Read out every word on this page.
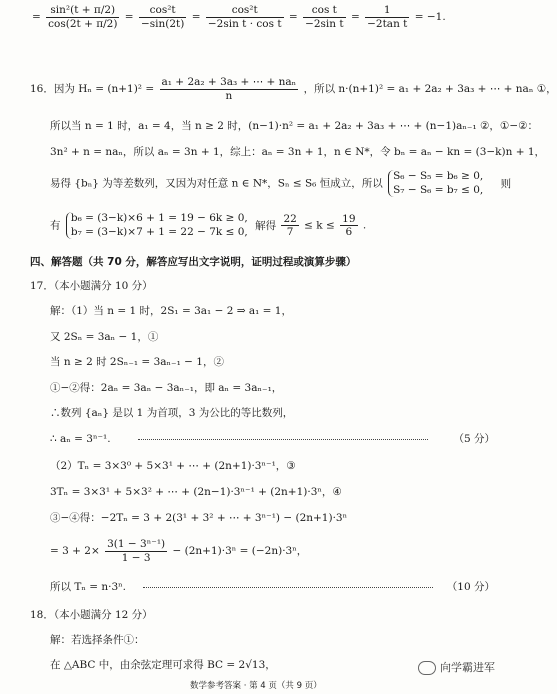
= $\frac{\text{sin²(t + π/2)}}{\cos(2t + \pi/2)} = \frac{\text{cos²t}}{-\sin(2t)} = \frac{\text{cos²t}}{\text{−2sin t · cos t}} = \frac{\text{cos t}}{\text{−2sin t}} = \frac{1}{\text{−2tan t}} = -1$.
16．因为 $H_n = (n+1)^2 = \frac{\text{a₁ + 2a₂ + 3a₃ + ⋯ + naₙ}}{n}$ ，所以 n·(n+1)² = a₁ + 2a₂ + 3a₃ + ⋯ + naₙ ①，
所以当 n = 1 时，a₁ = 4，当 n ≥ 2 时，(n−1)·n² = a₁ + 2a₂ + 3a₃ + ⋯ + (n−1)aₙ₋₁ ②，①−②：
3n² + n = naₙ，所以 aₙ = 3n + 1，综上：aₙ = 3n + 1，n ∈ N*，令 bₙ = aₙ − kn = (3−k)n + 1，
易得 {bₙ} 为等差数列，又因为对任意 n ∈ N*，Sₙ ≤ S₆ 恒成立，所以
S₆ − S₅ = b₆ ≥ 0,
S₇ − S₆ = b₇ ≤ 0, 则
有
b₆ = (3−k)×6 + 1 = 19 − 6k ≥ 0,
b₇ = (3−k)×7 + 1 = 22 − 7k ≤ 0, 解得 $\frac{22}{7} \le k \le \frac{19}{6}$ .
四、解答题（共 70 分，解答应写出文字说明，证明过程或演算步骤）
17．（本小题满分 10 分）
解：（1）当 n = 1 时，2S₁ = 3a₁ − 2 ⇒ a₁ = 1，
又 2Sₙ = 3aₙ − 1，①
当 n ≥ 2 时 2Sₙ₋₁ = 3aₙ₋₁ − 1，②
①−②得：2aₙ = 3aₙ − 3aₙ₋₁，即 aₙ = 3aₙ₋₁，
∴数列 {aₙ} 是以 1 为首项，3 为公比的等比数列，
∴ aₙ = 3ⁿ⁻¹.	（5 分）
（2）Tₙ = 3×3⁰ + 5×3¹ + ⋯ + (2n+1)·3ⁿ⁻¹，③
3Tₙ = 3×3¹ + 5×3² + ⋯ + (2n−1)·3ⁿ⁻¹ + (2n+1)·3ⁿ，④
③−④得：−2Tₙ = 3 + 2(3¹ + 3² + ⋯ + 3ⁿ⁻¹) − (2n+1)·3ⁿ
= $3 + 2\times \frac{\text{3(1 − 3ⁿ⁻¹)}}{1 - 3} - (2n+1)\cdot 3^n = (-2n)\cdot 3^n$，
所以 Tₙ = n·3ⁿ.	（10 分）
18．（本小题满分 12 分）
解：若选择条件①：
在 △ABC 中，由余弦定理可求得 BC = 2√13，	向学霸进军
数学参考答案 · 第 4 页（共 9 页）
